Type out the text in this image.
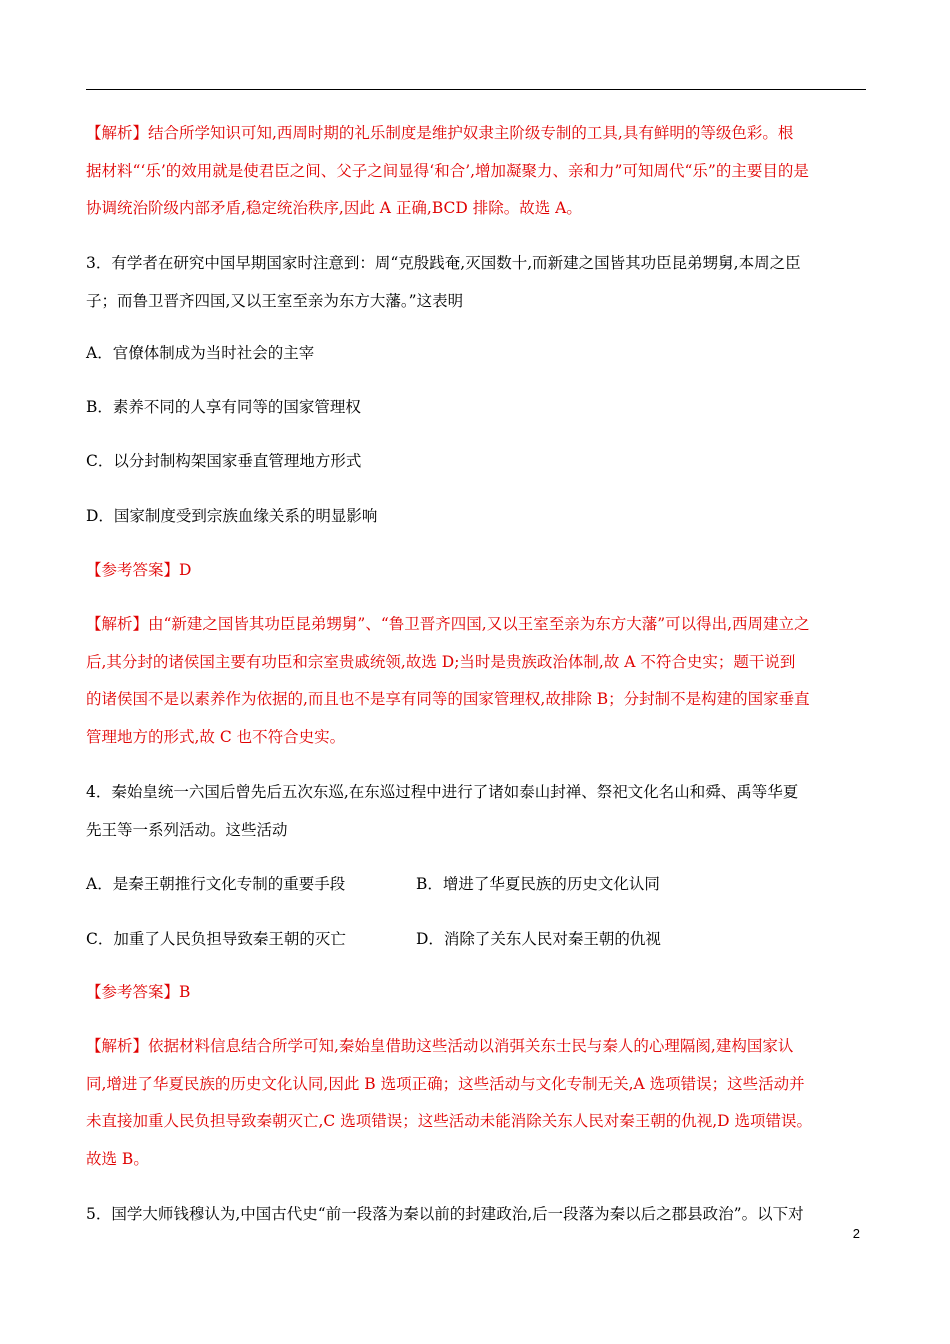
【解析】结合所学知识可知,西周时期的礼乐制度是维护奴隶主阶级专制的工具,具有鲜明的等级色彩。根
据材料“‘乐’的效用就是使君臣之间、父子之间显得‘和合’,增加凝聚力、亲和力”可知周代“乐”的主要目的是
协调统治阶级内部矛盾,稳定统治秩序,因此 A 正确,BCD 排除。故选 A。
3．有学者在研究中国早期国家时注意到：周“克殷践奄,灭国数十,而新建之国皆其功臣昆弟甥舅,本周之臣
子；而鲁卫晋齐四国,又以王室至亲为东方大藩。”这表明
A．官僚体制成为当时社会的主宰
B．素养不同的人享有同等的国家管理权
C．以分封制构架国家垂直管理地方形式
D．国家制度受到宗族血缘关系的明显影响
【参考答案】D
【解析】由“新建之国皆其功臣昆弟甥舅”、“鲁卫晋齐四国,又以王室至亲为东方大藩”可以得出,西周建立之
后,其分封的诸侯国主要有功臣和宗室贵戚统领,故选 D;当时是贵族政治体制,故 A 不符合史实；题干说到
的诸侯国不是以素养作为依据的,而且也不是享有同等的国家管理权,故排除 B；分封制不是构建的国家垂直
管理地方的形式,故 C 也不符合史实。
4．秦始皇统一六国后曾先后五次东巡,在东巡过程中进行了诸如泰山封禅、祭祀文化名山和舜、禹等华夏
先王等一系列活动。这些活动
A．是秦王朝推行文化专制的重要手段	B．增进了华夏民族的历史文化认同
C．加重了人民负担导致秦王朝的灭亡	D．消除了关东人民对秦王朝的仇视
【参考答案】B
【解析】依据材料信息结合所学可知,秦始皇借助这些活动以消弭关东士民与秦人的心理隔阂,建构国家认
同,增进了华夏民族的历史文化认同,因此 B 选项正确；这些活动与文化专制无关,A 选项错误；这些活动并
未直接加重人民负担导致秦朝灭亡,C 选项错误；这些活动未能消除关东人民对秦王朝的仇视,D 选项错误。
故选 B。
5．国学大师钱穆认为,中国古代史“前一段落为秦以前的封建政治,后一段落为秦以后之郡县政治”。以下对
2
